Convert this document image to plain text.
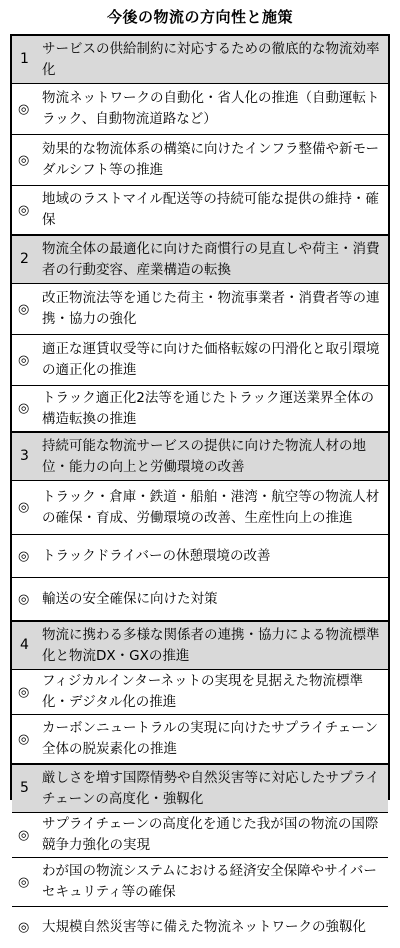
今後の物流の方向性と施策
1
サービスの供給制約に対応するための徹底的な物流効率化
◎
物流ネットワークの自動化・省人化の推進（自動運転トラック、自動物流道路など）
◎
効果的な物流体系の構築に向けたインフラ整備や新モーダルシフト等の推進
◎
地域のラストマイル配送等の持続可能な提供の維持・確保
2
物流全体の最適化に向けた商慣行の見直しや荷主・消費者の行動変容、産業構造の転換
◎
改正物流法等を通じた荷主・物流事業者・消費者等の連携・協力の強化
◎
適正な運賃収受等に向けた価格転嫁の円滑化と取引環境の適正化の推進
◎
トラック適正化2法等を通じたトラック運送業界全体の構造転換の推進
3
持続可能な物流サービスの提供に向けた物流人材の地位・能力の向上と労働環境の改善
◎
トラック・倉庫・鉄道・船舶・港湾・航空等の物流人材の確保・育成、労働環境の改善、生産性向上の推進
◎ トラックドライバーの休憩環境の改善
◎ 輸送の安全確保に向けた対策
4
物流に携わる多様な関係者の連携・協力による物流標準化と物流DX・GXの推進
◎
フィジカルインターネットの実現を見据えた物流標準化・デジタル化の推進
◎
カーボンニュートラルの実現に向けたサプライチェーン全体の脱炭素化の推進
5
厳しさを増す国際情勢や自然災害等に対応したサプライチェーンの高度化・強靱化
◎
サプライチェーンの高度化を通じた我が国の物流の国際競争力強化の実現
◎
わが国の物流システムにおける経済安全保障やサイバーセキュリティ等の確保
◎ 大規模自然災害等に備えた物流ネットワークの強靱化
